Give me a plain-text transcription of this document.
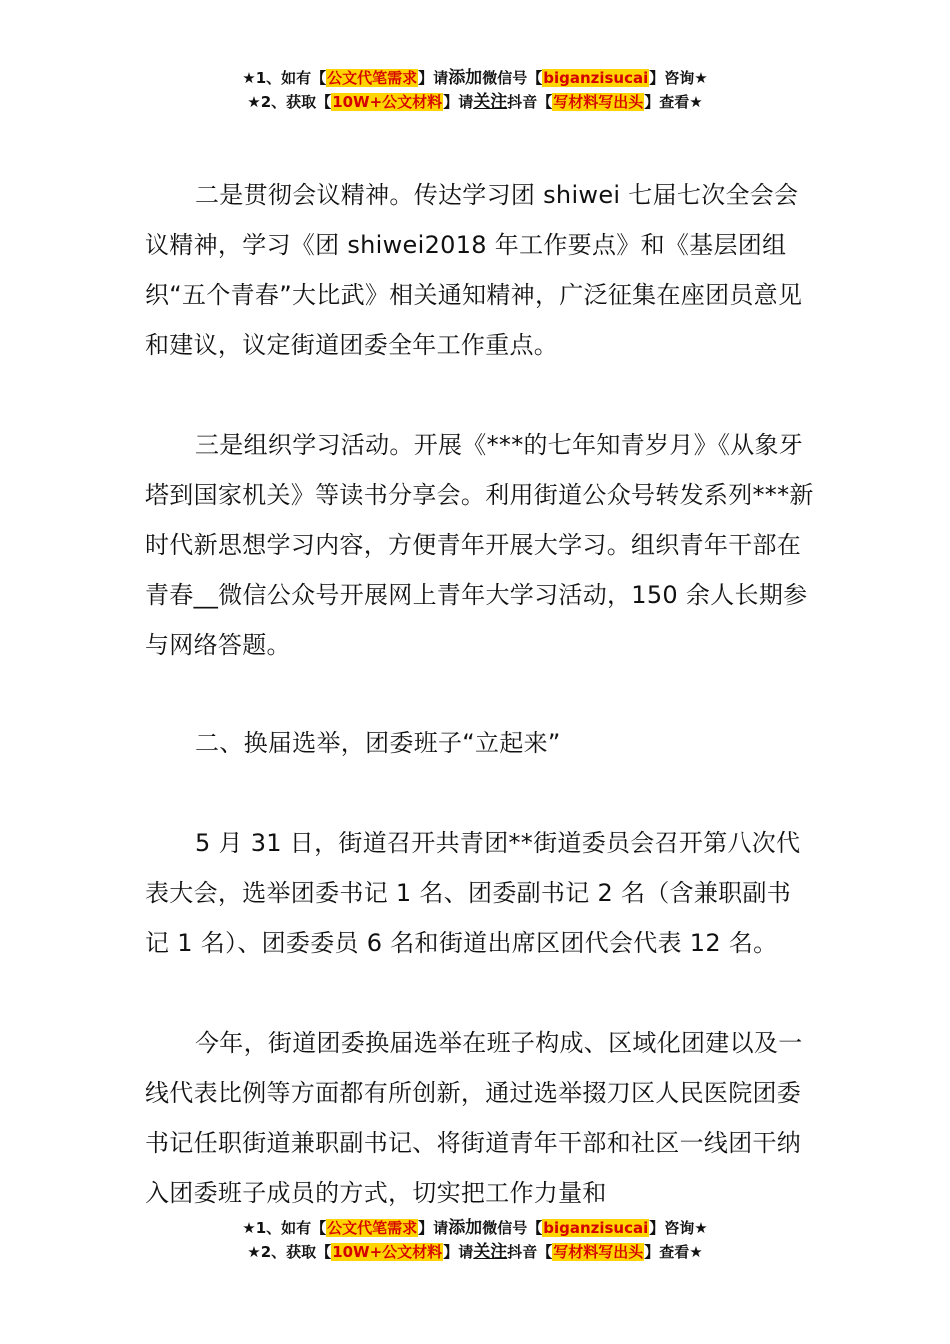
★1、如有【公文代笔需求】请添加微信号【biganzisucai】咨询★
★2、获取【10W+公文材料】请关注抖音【写材料写出头】查看★

二是贯彻会议精神。传达学习团 shiwei 七届七次全会会议精神，学习《团 shiwei2018 年工作要点》和《基层团组织“五个青春”大比武》相关通知精神，广泛征集在座团员意见和建议，议定街道团委全年工作重点。

三是组织学习活动。开展《***的七年知青岁月》《从象牙塔到国家机关》等读书分享会。利用街道公众号转发系列***新时代新思想学习内容，方便青年开展大学习。组织青年干部在青春__微信公众号开展网上青年大学习活动，150 余人长期参与网络答题。

二、换届选举，团委班子“立起来”

5 月 31 日，街道召开共青团**街道委员会召开第八次代表大会，选举团委书记 1 名、团委副书记 2 名（含兼职副书记 1 名）、团委委员 6 名和街道出席区团代会代表 12 名。

今年，街道团委换届选举在班子构成、区域化团建以及一线代表比例等方面都有所创新，通过选举掇刀区人民医院团委书记任职街道兼职副书记、将街道青年干部和社区一线团干纳入团委班子成员的方式，切实把工作力量和

★1、如有【公文代笔需求】请添加微信号【biganzisucai】咨询★
★2、获取【10W+公文材料】请关注抖音【写材料写出头】查看★
